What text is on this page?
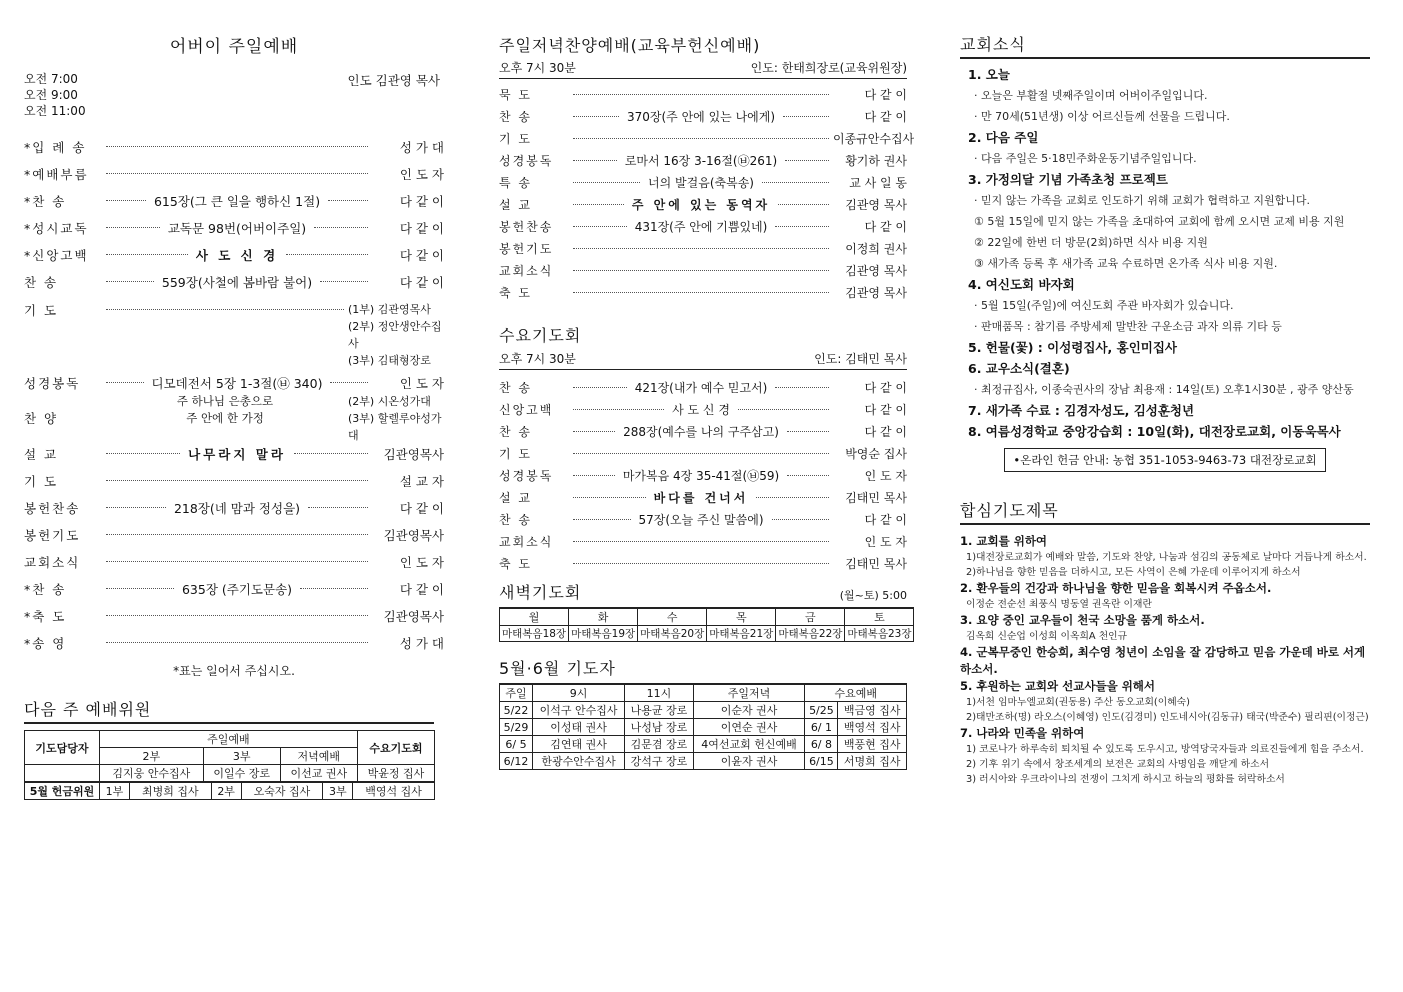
어버이 주일예배
오전 7:00
오전 9:00
오전 11:00
인도 김관영 목사
*입 례 송	성 가 대
*예배부름	인 도 자
*찬 송	615장(그 큰 일을 행하신 1절)	다 같 이
*성시교독	교독문 98번(어버이주일)	다 같 이
*신앙고백	사 도 신 경	다 같 이
찬 송	559장(사철에 봄바람 불어)	다 같 이
기 도	(1부) 김관영목사
(2부) 정안생안수집사
(3부) 김태형장로
성경봉독	디모데전서 5장 1-3절(㉥ 340)	인 도 자
찬 양
주 하나님 은총으로	(2부) 시온성가대
주 안에 한 가정	(3부) 할렐루야성가대
설 교	나무라지 말라	김관영목사
기 도	설 교 자
봉헌찬송	218장(네 맘과 정성을)	다 같 이
봉헌기도	김관영목사
교회소식	인 도 자
*찬 송	635장 (주기도문송)	다 같 이
*축 도	김관영목사
*송 영	성 가 대
*표는 일어서 주십시오.
다음 주 예배위원
기도담당자	주일예배			수요기도회
	2부	3부	저녁예배	
	김지웅 안수집사	이일수 장로	이선교 권사	박윤정 집사
5월 헌금위원	1부	최병희 집사	2부	오숙자 집사	3부	백영석 집사
주일저녁찬양예배(교육부헌신예배)
오후 7시 30분	인도: 한태희장로(교육위원장)
묵 도	다 같 이
찬 송	370장(주 안에 있는 나에게)	다 같 이
기 도	이종규안수집사
성경봉독	로마서 16장 3-16절(㉥261)	황기하 권사
특 송	너의 발걸음(축복송)	교 사 일 동
설 교	주 안에 있는 동역자	김관영 목사
봉헌찬송	431장(주 안에 기쁨있네)	다 같 이
봉헌기도	이정희 권사
교회소식	김관영 목사
축 도	김관영 목사
수요기도회
오후 7시 30분	인도: 김태민 목사
찬 송	421장(내가 예수 믿고서)	다 같 이
신앙고백	사 도 신 경	다 같 이
찬 송	288장(예수를 나의 구주삼고)	다 같 이
기 도	박영순 집사
성경봉독	마가복음 4장 35-41절(㉥59)	인 도 자
설 교	바다를 건너서	김태민 목사
찬 송	57장(오늘 주신 말씀에)	다 같 이
교회소식	인 도 자
축 도	김태민 목사
새벽기도회	(월~토) 5:00
월	화	수	목	금	토
마태복음18장	마태복음19장	마태복음20장	마태복음21장	마태복음22장	마태복음23장
5월·6월 기도자
주일	9시	11시	주일저녁	수요예배	
5/22	이석구 안수집사	나용균 장로	이순자 권사	5/25	백금영 집사
5/29	이성태 권사	나성남 장로	이연순 권사	6/ 1	백영석 집사
6/ 5	김연태 권사	김문겸 장로	4여선교회 헌신예배	6/ 8	백풍현 집사
6/12	한광수안수집사	강석구 장로	이윤자 권사	6/15	서명희 집사
교회소식
1. 오늘
· 오늘은 부활절 넷째주일이며 어버이주일입니다.
· 만 70세(51년생) 이상 어르신들께 선물을 드립니다.
2. 다음 주일
· 다음 주일은 5·18민주화운동기념주일입니다.
3. 가정의달 기념 가족초청 프로젝트
· 믿지 않는 가족을 교회로 인도하기 위해 교회가 협력하고 지원합니다.
① 5월 15일에 믿지 않는 가족을 초대하여 교회에 함께 오시면 교제 비용 지원
② 22일에 한번 더 방문(2회)하면 식사 비용 지원
③ 새가족 등록 후 새가족 교육 수료하면 온가족 식사 비용 지원.
4. 여신도회 바자회
· 5월 15일(주일)에 여신도회 주관 바자회가 있습니다.
· 판매품목 : 참기름 주방세제 말반찬 구운소금 과자 의류 기타 등
5. 헌물(꽃) : 이성령집사, 홍인미집사
6. 교우소식(결혼)
· 최정규집사, 이종숙권사의 장남 최용재 : 14일(토) 오후1시30분 , 광주 양산동
7. 새가족 수료 : 김경자성도, 김성훈청년
8. 여름성경학교 중앙강습회 : 10일(화), 대전장로교회, 이동욱목사
•온라인 헌금 안내: 농협 351-1053-9463-73 대전장로교회
합심기도제목
1. 교회를 위하여
1)대전장로교회가 예배와 말씀, 기도와 찬양, 나눔과 섬김의 공동체로 날마다 거듭나게 하소서.
2)하나님을 향한 믿음을 더하시고, 모든 사역이 은혜 가운데 이루어지게 하소서
2. 환우들의 건강과 하나님을 향한 믿음을 회복시켜 주옵소서.
이정순 전순선 최풍식 명동열 권옥란 이재란
3. 요양 중인 교우들이 천국 소망을 품게 하소서.
김옥희 신순업 이성희 이옥희A 천인규
4. 군복무중인 한승희, 최수영 청년이 소임을 잘 감당하고 믿음 가운데 바로 서게 하소서.
5. 후원하는 교회와 선교사들을 위해서
1)서천 임마누엘교회(권동용) 주산 동오교회(이혜숙)
2)태만조하(명) 라오스(이혜영) 인도(김경미) 인도네시아(김동규) 태국(박준수) 필리핀(이정근)
7. 나라와 민족을 위하여
1) 코로나가 하루속히 퇴치될 수 있도록 도우시고, 방역당국자들과 의료진들에게 힘을 주소서.
2) 기후 위기 속에서 창조세계의 보전은 교회의 사명임을 깨닫게 하소서
3) 러시아와 우크라이나의 전쟁이 그치게 하시고 하늘의 평화를 허락하소서
